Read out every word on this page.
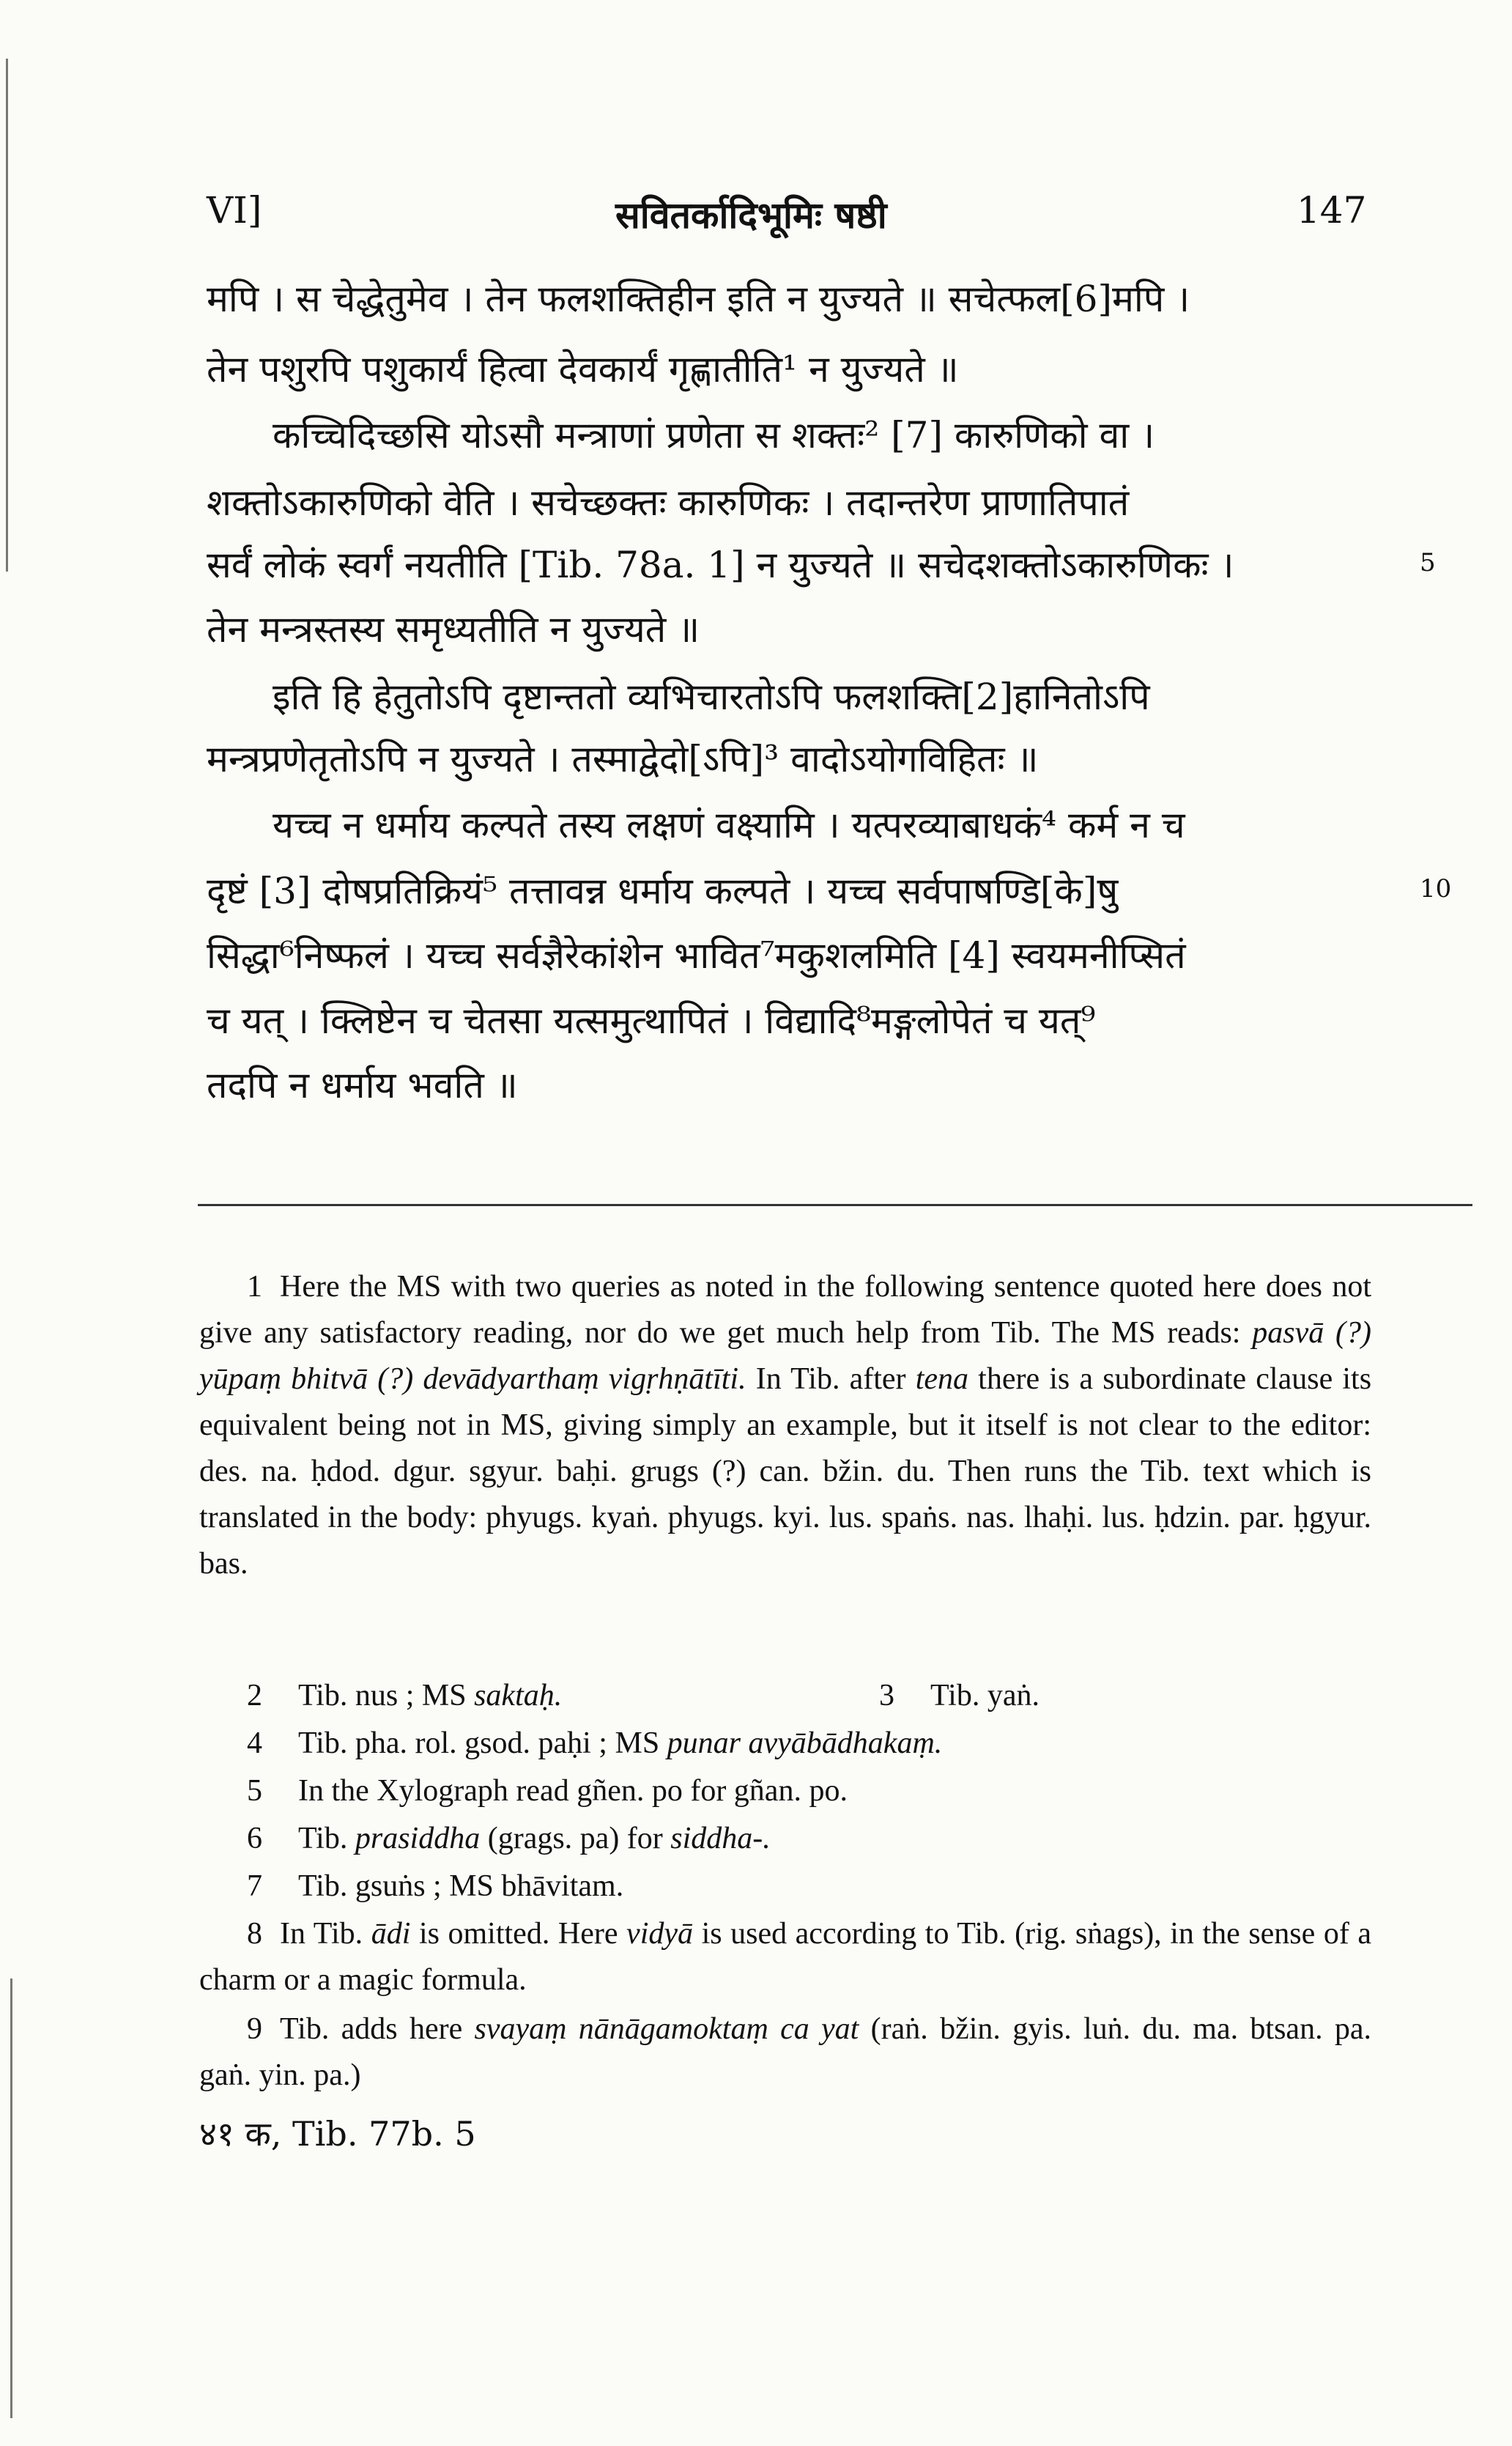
VI]	सवितर्कादिभूमिः षष्ठी	147
मपि । स चेद्धेतुमेव । तेन फलशक्तिहीन इति न युज्यते ॥ सचेत्फल[6]मपि ।
तेन पशुरपि पशुकार्यं हित्वा देवकार्यं गृह्णातीति¹ न युज्यते ॥
कच्चिदिच्छसि योऽसौ मन्त्राणां प्रणेता स शक्तः² [7] कारुणिको वा ।
शक्तोऽकारुणिको वेति । सचेच्छक्तः कारुणिकः । तदान्तरेण प्राणातिपातं
सर्वं लोकं स्वर्गं नयतीति [Tib. 78a. 1] न युज्यते ॥ सचेदशक्तोऽकारुणिकः ।
तेन मन्त्रस्तस्य समृध्यतीति न युज्यते ॥
इति हि हेतुतोऽपि दृष्टान्ततो व्यभिचारतोऽपि फलशक्ति[2]हानितोऽपि
मन्त्रप्रणेतृतोऽपि न युज्यते । तस्माद्वेदो[ऽपि]³ वादोऽयोगविहितः ॥
यच्च न धर्माय कल्पते तस्य लक्षणं वक्ष्यामि । यत्परव्याबाधकं⁴ कर्म न च
दृष्टं [3] दोषप्रतिक्रियं⁵ तत्तावन्न धर्माय कल्पते । यच्च सर्वपाषण्डि[के]षु
सिद्धा⁶निष्फलं । यच्च सर्वज्ञैरेकांशेन भावित⁷मकुशलमिति [4] स्वयमनीप्सितं
च यत् । क्लिष्टेन च चेतसा यत्समुत्थापितं । विद्यादि⁸मङ्गलोपेतं च यत्⁹
तदपि न धर्माय भवति ॥
5
10
1 Here the MS with two queries as noted in the following sentence quoted here does not give any satisfactory reading, nor do we get much help from Tib. The MS reads: pasvā (?) yūpaṃ bhitvā (?) devādyarthaṃ vigṛhṇātīti. In Tib. after tena there is a subordinate clause its equivalent being not in MS, giving simply an example, but it itself is not clear to the editor: des. na. ḥdod. dgur. sgyur. baḥi. grugs (?) can. bžin. du. Then runs the Tib. text which is translated in the body: phyugs. kyaṅ. phyugs. kyi. lus. spaṅs. nas. lhaḥi. lus. ḥdzin. par. ḥgyur. bas.
2 Tib. nus ; MS saktaḥ.	3 Tib. yaṅ.
4 Tib. pha. rol. gsod. paḥi ; MS punar avyābādhakaṃ.
5 In the Xylograph read gñen. po for gñan. po.
6 Tib. prasiddha (grags. pa) for siddha-.
7 Tib. gsuṅs ; MS bhāvitam.
8 In Tib. ādi is omitted. Here vidyā is used according to Tib. (rig. sṅags), in the sense of a charm or a magic formula.
9 Tib. adds here svayaṃ nānāgamoktaṃ ca yat (raṅ. bžin. gyis. luṅ. du. ma. btsan. pa. gaṅ. yin. pa.)
४१ क, Tib. 77b. 5
